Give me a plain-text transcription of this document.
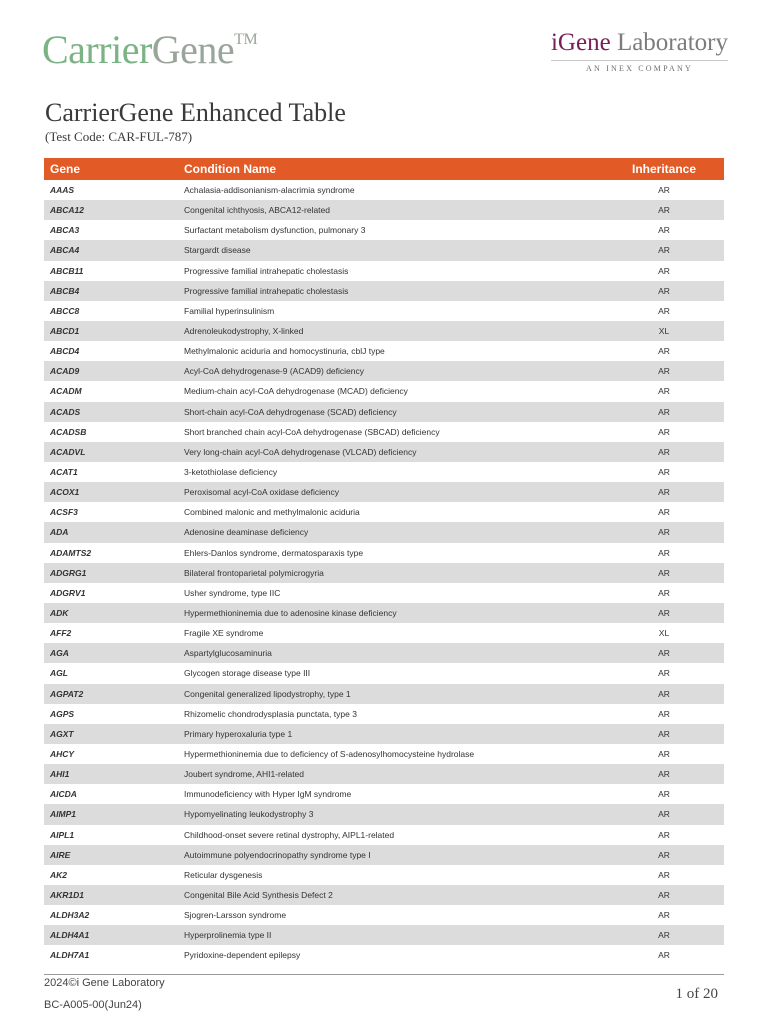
CarrierGene™	iGene Laboratory
AN INEX COMPANY
CarrierGene Enhanced Table
(Test Code: CAR-FUL-787)
Gene	Condition Name	Inheritance
AAAS	Achalasia-addisonianism-alacrimia syndrome	AR
ABCA12	Congenital ichthyosis, ABCA12-related	AR
ABCA3	Surfactant metabolism dysfunction, pulmonary 3	AR
ABCA4	Stargardt disease	AR
ABCB11	Progressive familial intrahepatic cholestasis	AR
ABCB4	Progressive familial intrahepatic cholestasis	AR
ABCC8	Familial hyperinsulinism	AR
ABCD1	Adrenoleukodystrophy, X-linked	XL
ABCD4	Methylmalonic aciduria and homocystinuria, cblJ type	AR
ACAD9	Acyl-CoA dehydrogenase-9 (ACAD9) deficiency	AR
ACADM	Medium-chain acyl-CoA dehydrogenase (MCAD) deficiency	AR
ACADS	Short-chain acyl-CoA dehydrogenase (SCAD) deficiency	AR
ACADSB	Short branched chain acyl-CoA dehydrogenase (SBCAD) deficiency	AR
ACADVL	Very long-chain acyl-CoA dehydrogenase (VLCAD) deficiency	AR
ACAT1	3-ketothiolase deficiency	AR
ACOX1	Peroxisomal acyl-CoA oxidase deficiency	AR
ACSF3	Combined malonic and methylmalonic aciduria	AR
ADA	Adenosine deaminase deficiency	AR
ADAMTS2	Ehlers-Danlos syndrome, dermatosparaxis type	AR
ADGRG1	Bilateral frontoparietal polymicrogyria	AR
ADGRV1	Usher syndrome, type IIC	AR
ADK	Hypermethioninemia due to adenosine kinase deficiency	AR
AFF2	Fragile XE syndrome	XL
AGA	Aspartylglucosaminuria	AR
AGL	Glycogen storage disease type III	AR
AGPAT2	Congenital generalized lipodystrophy, type 1	AR
AGPS	Rhizomelic chondrodysplasia punctata, type 3	AR
AGXT	Primary hyperoxaluria type 1	AR
AHCY	Hypermethioninemia due to deficiency of S-adenosylhomocysteine hydrolase	AR
AHI1	Joubert syndrome, AHI1-related	AR
AICDA	Immunodeficiency with Hyper IgM syndrome	AR
AIMP1	Hypomyelinating leukodystrophy 3	AR
AIPL1	Childhood-onset severe retinal dystrophy, AIPL1-related	AR
AIRE	Autoimmune polyendocrinopathy syndrome type I	AR
AK2	Reticular dysgenesis	AR
AKR1D1	Congenital Bile Acid Synthesis Defect 2	AR
ALDH3A2	Sjogren-Larsson syndrome	AR
ALDH4A1	Hyperprolinemia type II	AR
ALDH7A1	Pyridoxine-dependent epilepsy	AR
2024©i Gene Laboratory
BC-A005-00(Jun24)
1 of 20
